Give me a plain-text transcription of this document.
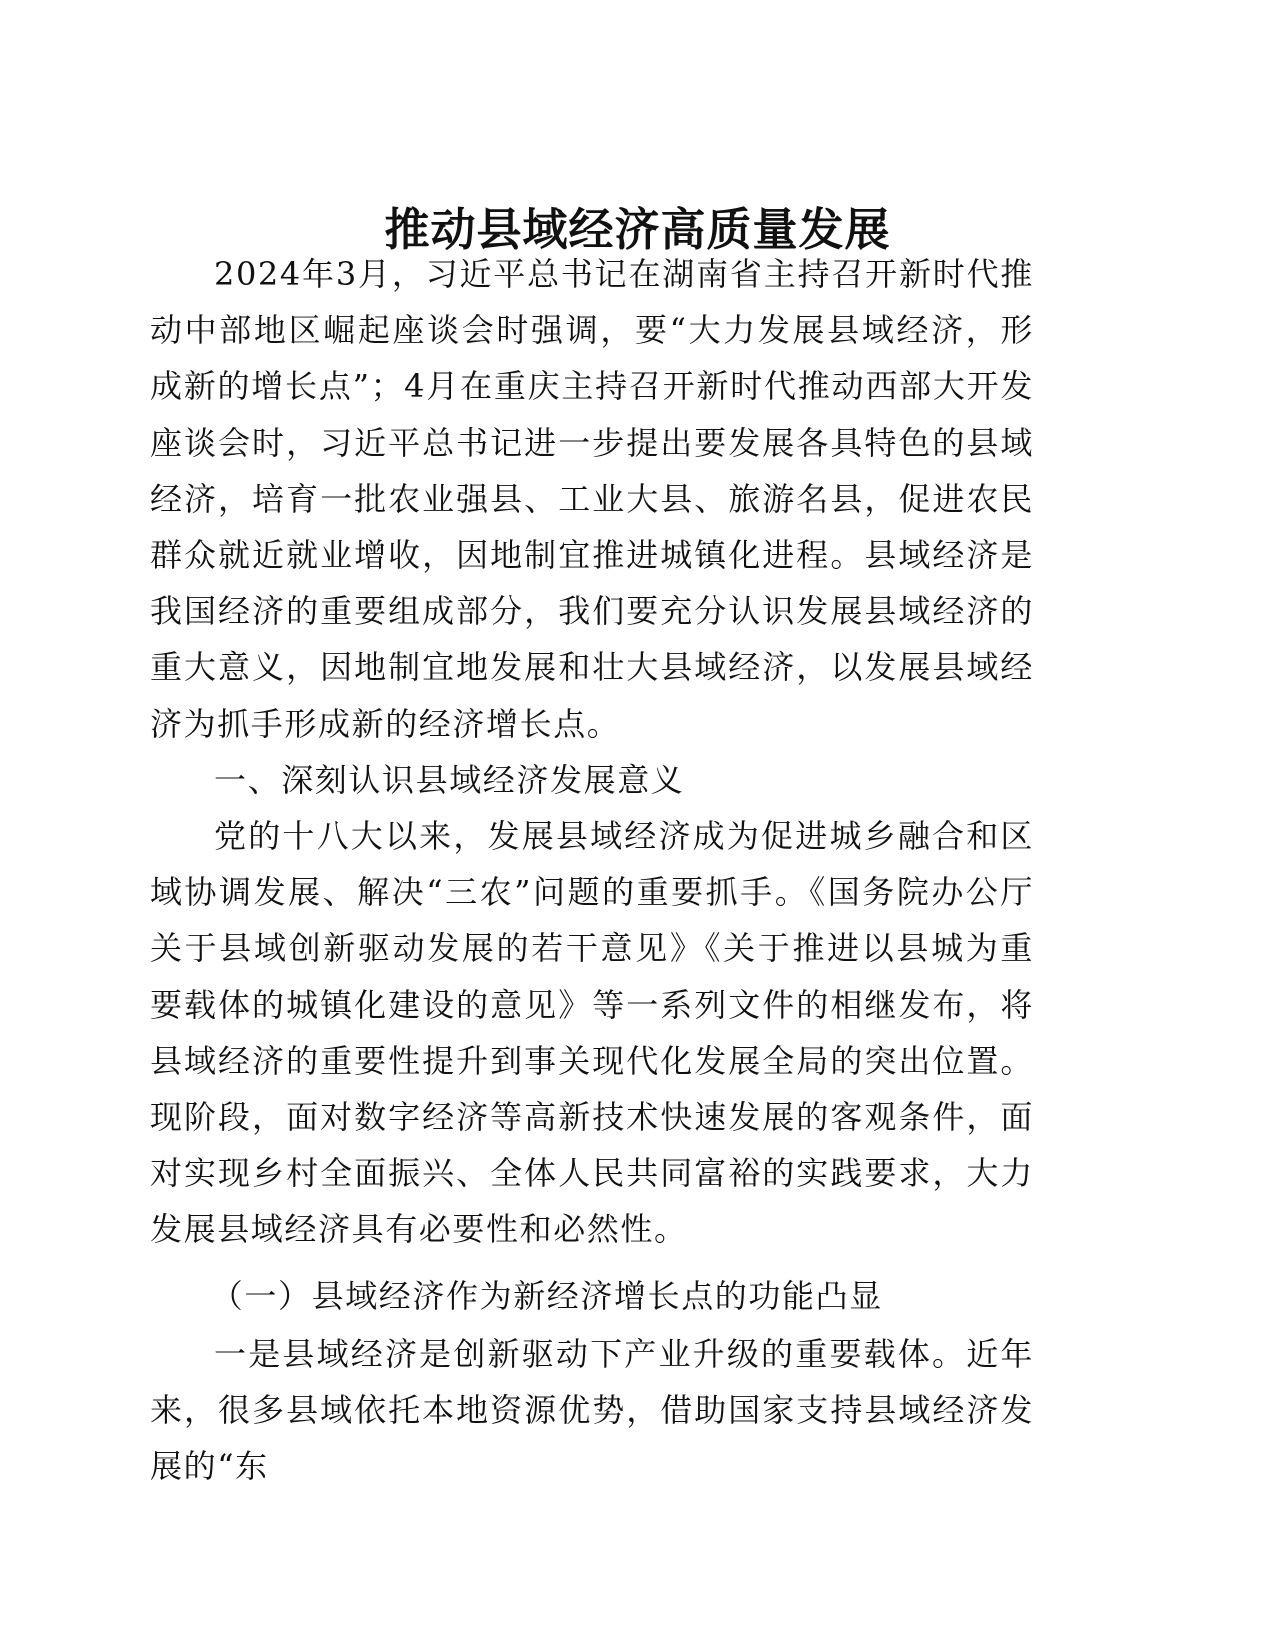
推动县域经济高质量发展

2024年3月，习近平总书记在湖南省主持召开新时代推动中部地区崛起座谈会时强调，要“大力发展县域经济，形成新的增长点”；4月在重庆主持召开新时代推动西部大开发座谈会时，习近平总书记进一步提出要发展各具特色的县域经济，培育一批农业强县、工业大县、旅游名县，促进农民群众就近就业增收，因地制宜推进城镇化进程。县域经济是我国经济的重要组成部分，我们要充分认识发展县域经济的重大意义，因地制宜地发展和壮大县域经济，以发展县域经济为抓手形成新的经济增长点。

一、深刻认识县域经济发展意义

党的十八大以来，发展县域经济成为促进城乡融合和区域协调发展、解决“三农”问题的重要抓手。《国务院办公厅关于县域创新驱动发展的若干意见》《关于推进以县城为重要载体的城镇化建设的意见》等一系列文件的相继发布，将县域经济的重要性提升到事关现代化发展全局的突出位置。现阶段，面对数字经济等高新技术快速发展的客观条件，面对实现乡村全面振兴、全体人民共同富裕的实践要求，大力发展县域经济具有必要性和必然性。

（一）县域经济作为新经济增长点的功能凸显

一是县域经济是创新驱动下产业升级的重要载体。近年来，很多县域依托本地资源优势，借助国家支持县域经济发展的“东
